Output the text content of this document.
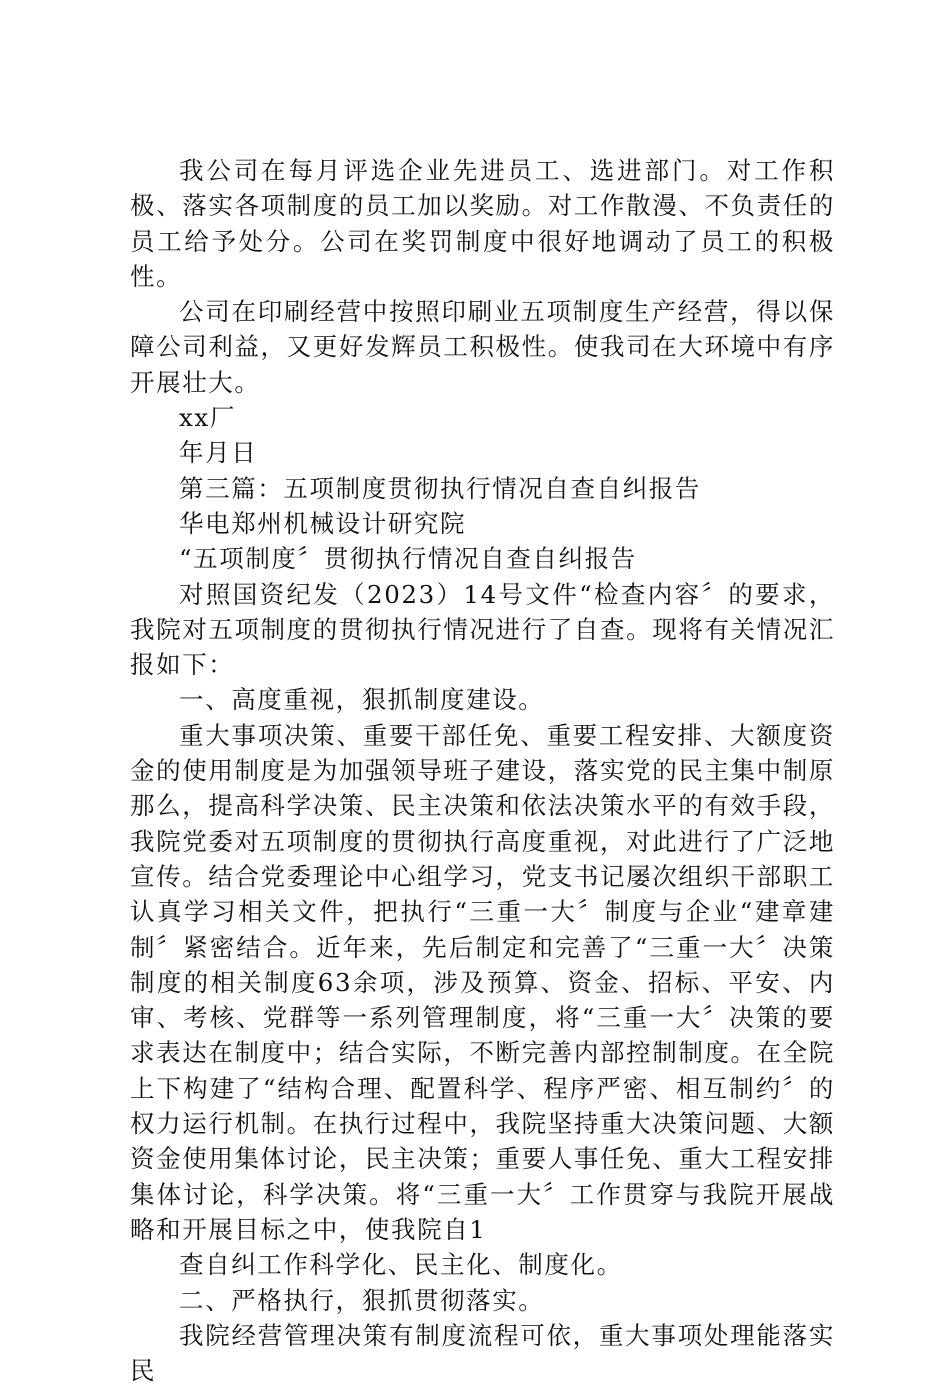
我公司在每月评选企业先进员工、选进部门。对工作积极、落实各项制度的员工加以奖励。对工作散漫、不负责任的员工给予处分。公司在奖罚制度中很好地调动了员工的积极性。

公司在印刷经营中按照印刷业五项制度生产经营，得以保障公司利益，又更好发辉员工积极性。使我司在大环境中有序开展壮大。

xx厂

年月日

第三篇：五项制度贯彻执行情况自查自纠报告

华电郑州机械设计研究院

“五项制度〞贯彻执行情况自查自纠报告

对照国资纪发（2023）14号文件“检查内容〞的要求，我院对五项制度的贯彻执行情况进行了自查。现将有关情况汇报如下：

一、高度重视，狠抓制度建设。

重大事项决策、重要干部任免、重要工程安排、大额度资金的使用制度是为加强领导班子建设，落实党的民主集中制原那么，提高科学决策、民主决策和依法决策水平的有效手段，我院党委对五项制度的贯彻执行高度重视，对此进行了广泛地宣传。结合党委理论中心组学习，党支书记屡次组织干部职工认真学习相关文件，把执行“三重一大〞制度与企业“建章建制〞紧密结合。近年来，先后制定和完善了“三重一大〞决策制度的相关制度63余项，涉及预算、资金、招标、平安、内审、考核、党群等一系列管理制度，将“三重一大〞决策的要求表达在制度中；结合实际，不断完善内部控制制度。在全院上下构建了“结构合理、配置科学、程序严密、相互制约〞的权力运行机制。在执行过程中，我院坚持重大决策问题、大额资金使用集体讨论，民主决策；重要人事任免、重大工程安排集体讨论，科学决策。将“三重一大〞工作贯穿与我院开展战略和开展目标之中，使我院自1

查自纠工作科学化、民主化、制度化。

二、严格执行，狠抓贯彻落实。

我院经营管理决策有制度流程可依，重大事项处理能落实民
